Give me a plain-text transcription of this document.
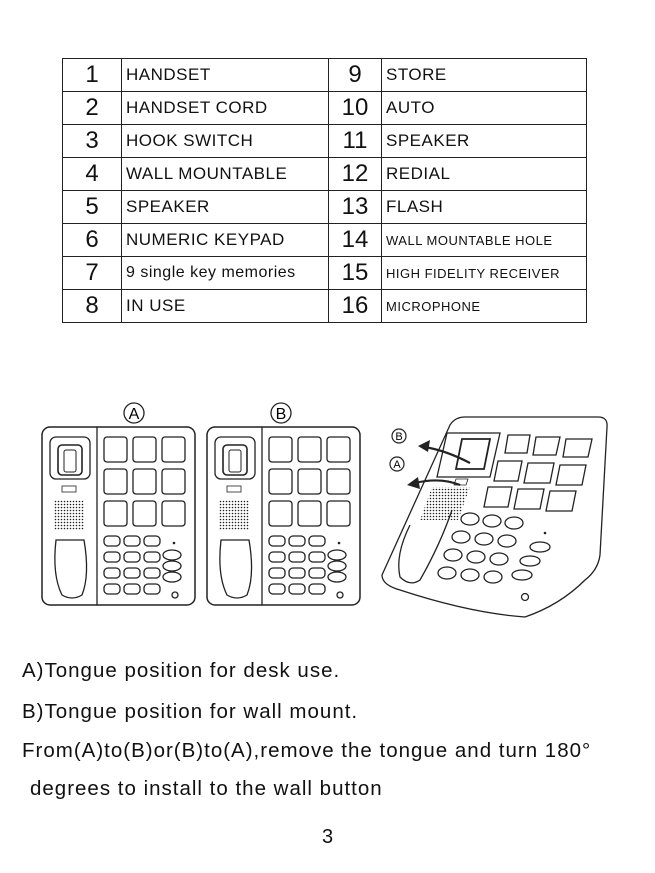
1	HANDSET	9	STORE
2	HANDSET CORD	10	AUTO
3	HOOK SWITCH	11	SPEAKER
4	WALL MOUNTABLE	12	REDIAL
5	SPEAKER	13	FLASH
6	NUMERIC KEYPAD	14	WALL MOUNTABLE HOLE
7	9 single key memories	15	HIGH FIDELITY RECEIVER
8	IN USE	16	MICROPHONE
A	B
B
A
A)Tongue position for desk use.
B)Tongue position for wall mount.
From(A)to(B)or(B)to(A),remove the tongue and turn 180°
degrees to install to the wall button
3
